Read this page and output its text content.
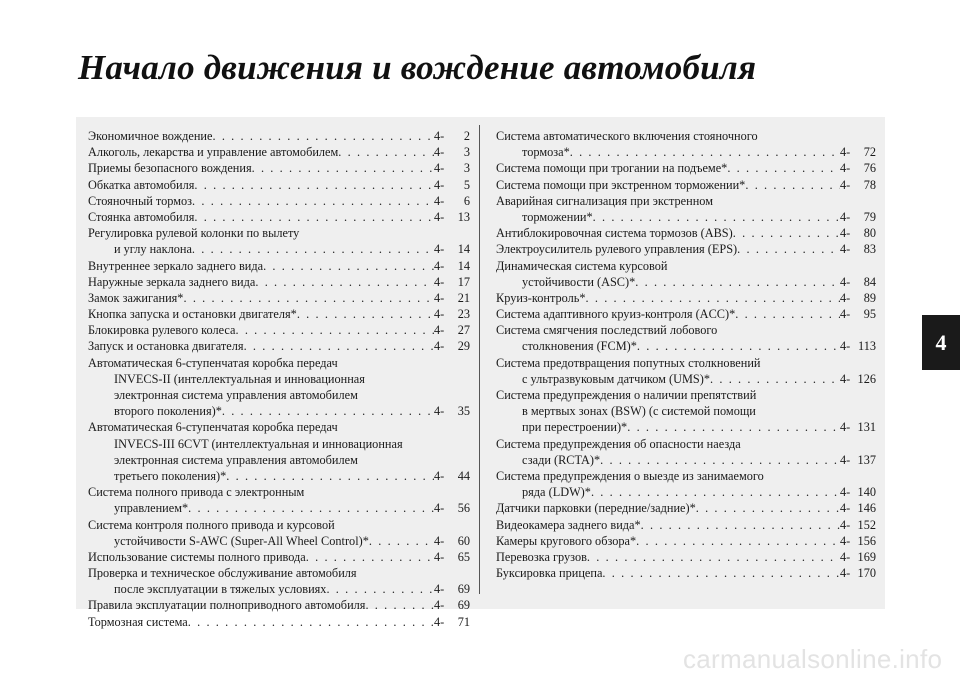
Начало движения и вождение автомобиля
Экономичное вождение . . .	4-	2
Алкоголь, лекарства и управление автомобилем . . .	4-	3
Приемы безопасного вождения . . .	4-	3
Обкатка автомобиля . . .	4-	5
Стояночный тормоз . . .	4-	6
Стоянка автомобиля . . .	4-	13
Регулировка рулевой колонки по вылету
и углу наклона . . .	4-	14
Внутреннее зеркало заднего вида . . .	4-	14
Наружные зеркала заднего вида . . .	4-	17
Замок зажигания* . . .	4-	21
Кнопка запуска и остановки двигателя* . . .	4-	23
Блокировка рулевого колеса . . .	4-	27
Запуск и остановка двигателя . . .	4-	29
Автоматическая 6-ступенчатая коробка передач
INVECS-II (интеллектуальная и инновационная
электронная система управления автомобилем
второго поколения)* . . .	4-	35
Автоматическая 6-ступенчатая коробка передач
INVECS-III 6CVT (интеллектуальная и инновационная
электронная система управления автомобилем
третьего поколения)* . . .	4-	44
Система полного привода с электронным
управлением* . . .	4-	56
Система контроля полного привода и курсовой
устойчивости S-AWC (Super-All Wheel Control)* . . .	4-	60
Использование системы полного привода . . .	4-	65
Проверка и техническое обслуживание автомобиля
после эксплуатации в тяжелых условиях . . .	4-	69
Правила эксплуатации полноприводного автомобиля . . .	4-	69
Тормозная система . . .	4-	71
Система автоматического включения стояночного
тормоза* . . .	4-	72
Система помощи при трогании на подъеме* . . .	4-	76
Система помощи при экстренном торможении* . . .	4-	78
Аварийная сигнализация при экстренном
торможении* . . .	4-	79
Антиблокировочная система тормозов (ABS) . . .	4-	80
Электроусилитель рулевого управления (EPS) . . .	4-	83
Динамическая система курсовой
устойчивости (ASC)* . . .	4-	84
Круиз-контроль* . . .	4-	89
Система адаптивного круиз-контроля (ACC)* . . .	4-	95
Система смягчения последствий лобового
столкновения (FCM)* . . .	4- 113
Система предотвращения попутных столкновений
с ультразвуковым датчиком (UMS)* . . .	4- 126
Система предупреждения о наличии препятствий
в мертвых зонах (BSW) (с системой помощи
при перестроении)* . . .	4- 131
Система предупреждения об опасности наезда
сзади (RCTA)* . . .	4- 137
Система предупреждения о выезде из занимаемого
ряда (LDW)* . . .	4- 140
Датчики парковки (передние/задние)* . . .	4- 146
Видеокамера заднего вида* . . .	4- 152
Камеры кругового обзора* . . .	4- 156
Перевозка грузов . . .	4- 169
Буксировка прицепа . . .	4- 170
4
carmanualsonline.info
